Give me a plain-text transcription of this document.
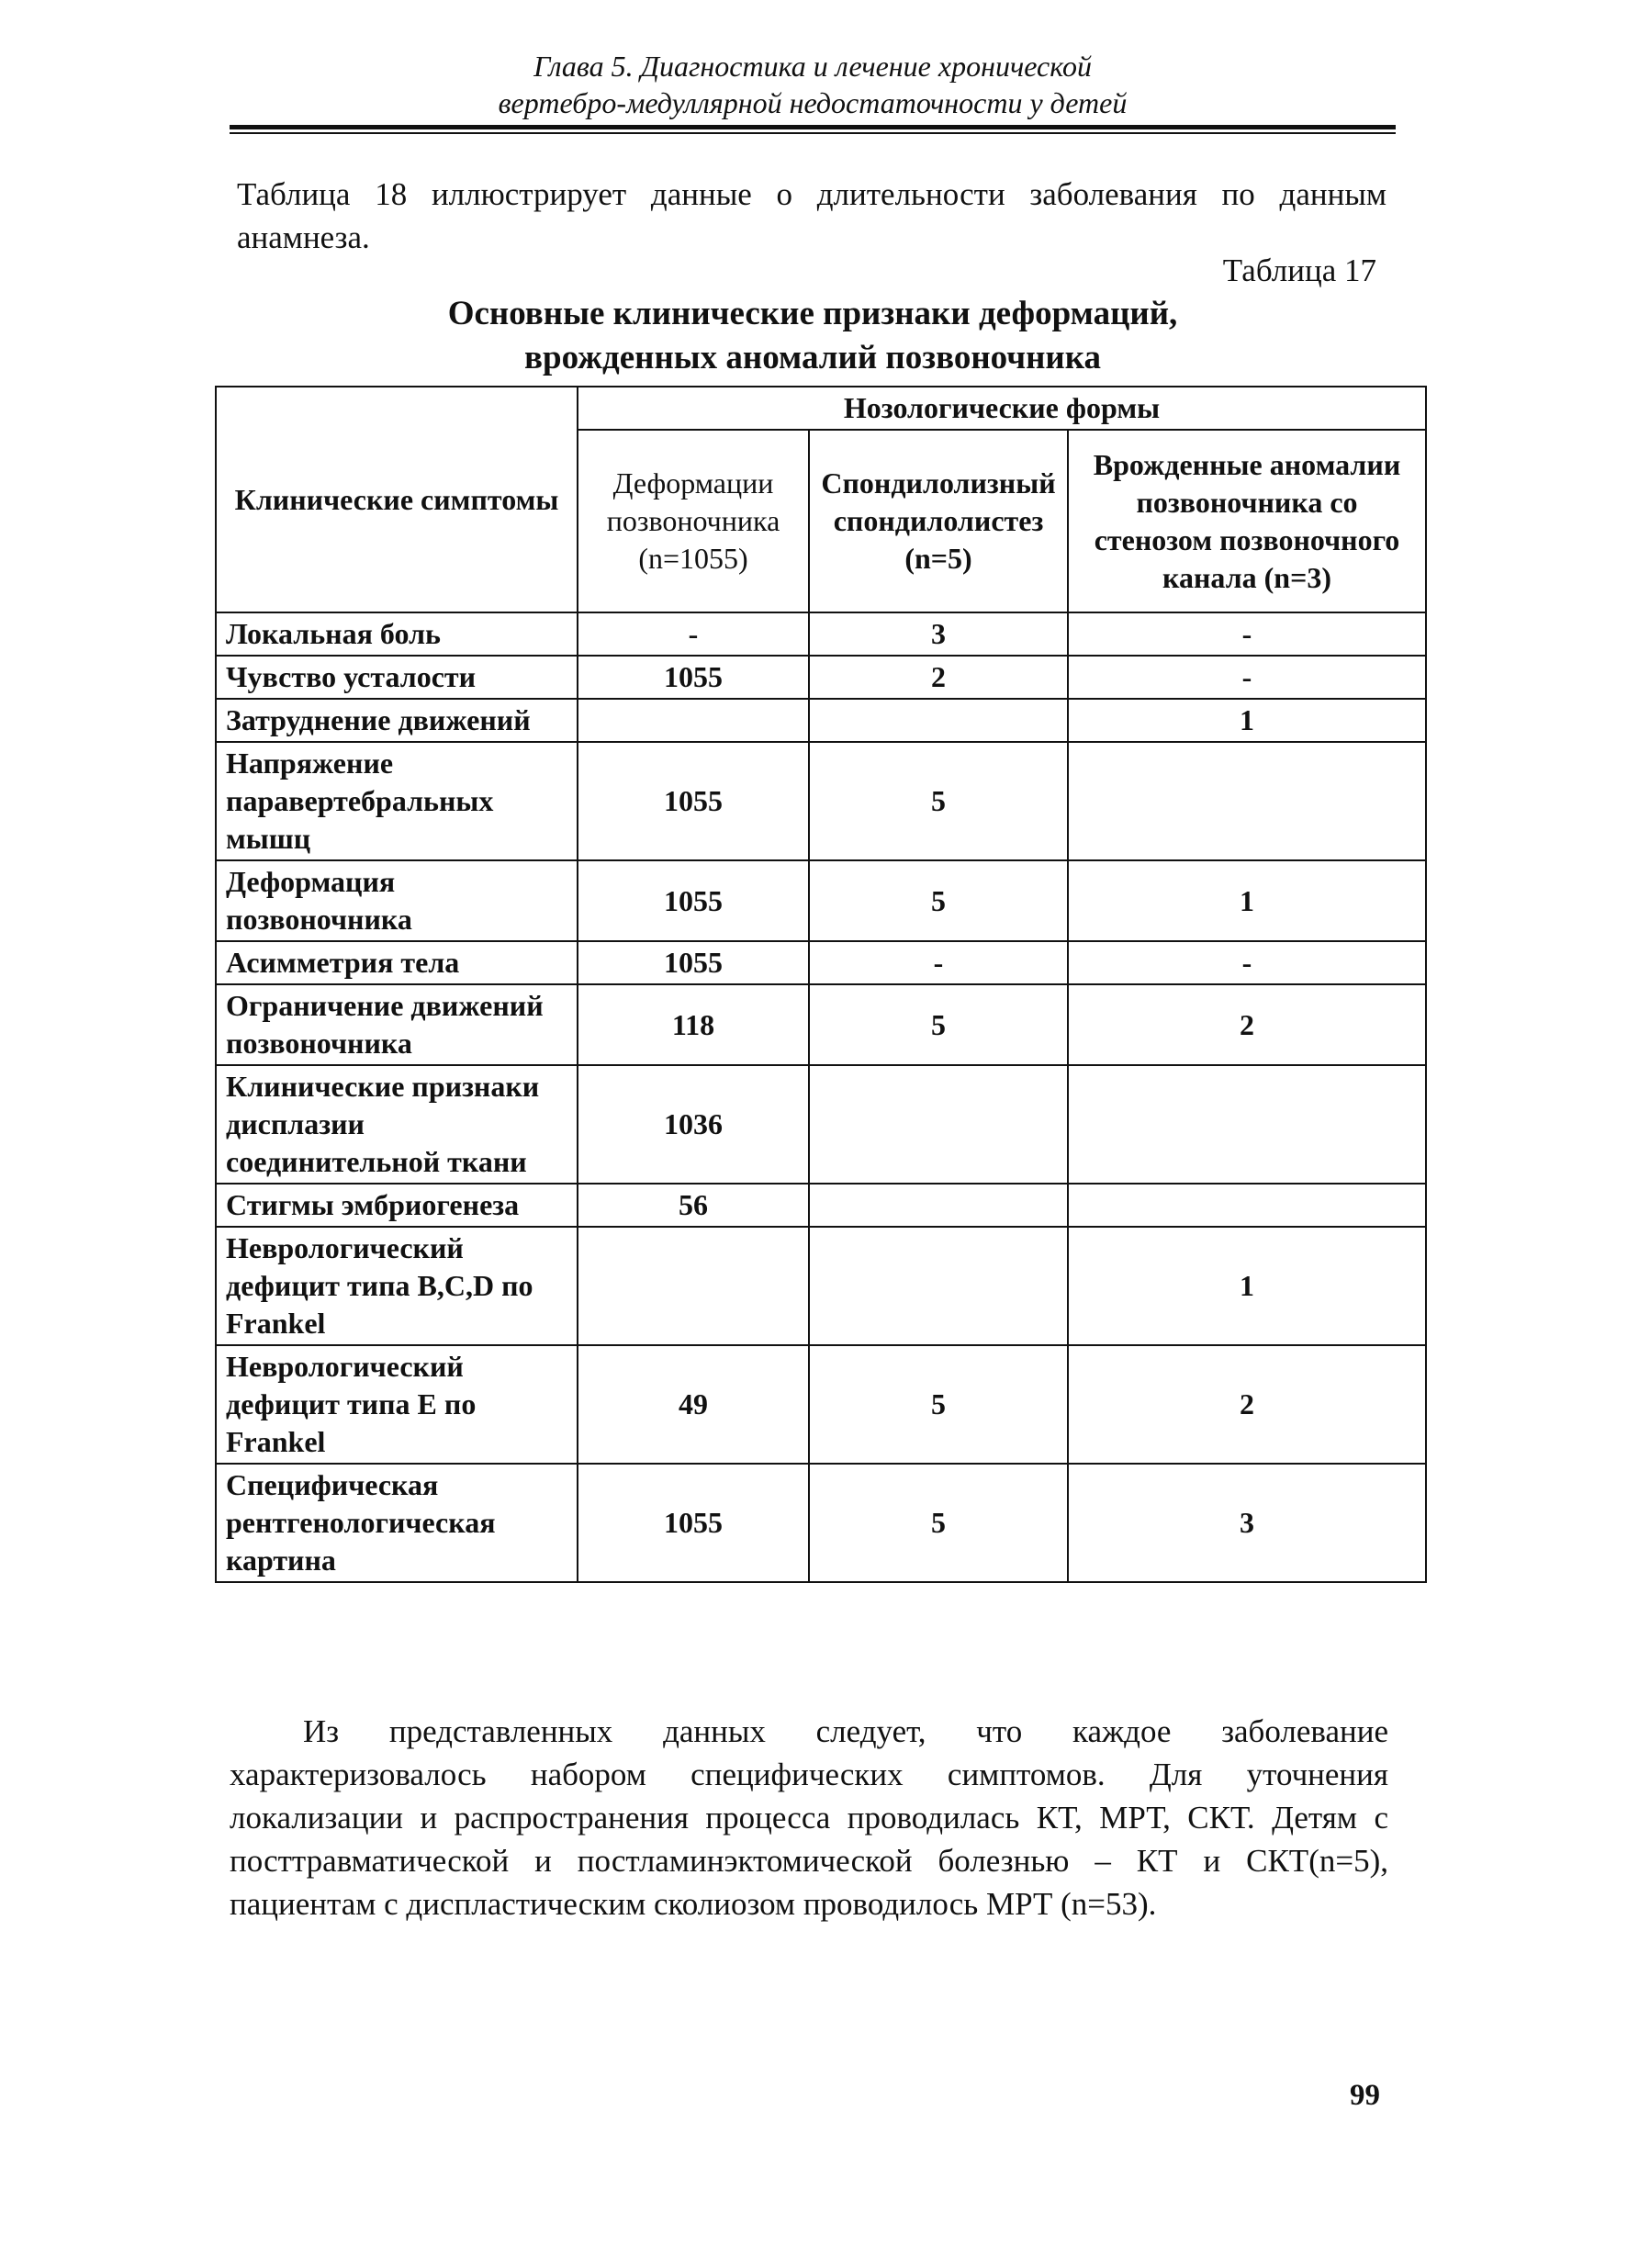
Глава 5. Диагностика и лечение хронической
вертебро-медуллярной недостаточности у детей
Таблица 18 иллюстрирует данные о длительности заболевания по данным анамнеза.
Таблица 17
Основные клинические признаки деформаций,
врожденных аномалий позвоночника
Клинические симптомы	Нозологические формы		
	Деформации позвоночника (n=1055)	Спондилолизный спондилолистез (n=5)	Врожденные аномалии позвоночника со стенозом позвоночного канала (n=3)
Локальная боль	-	3	-
Чувство усталости	1055	2	-
Затруднение движений			1
Напряжение паравертебральных мышц	1055	5	
Деформация позвоночника	1055	5	1
Асимметрия тела	1055	-	-
Ограничение движений позвоночника	118	5	2
Клинические признаки дисплазии соединительной ткани	1036		
Стигмы эмбриогенеза	56		
Неврологический дефицит типа B,C,D по Frankel			1
Неврологический дефицит типа E по Frankel	49	5	2
Специфическая рентгенологическая картина	1055	5	3
Из представленных данных следует, что каждое заболевание характеризовалось набором специфических симптомов. Для уточнения локализации и распространения процесса проводилась КТ, МРТ, СКТ. Детям с посттравматической и постламинэктомической болезнью – КТ и СКТ(n=5), пациентам с диспластическим сколиозом проводилось МРТ (n=53).
99
